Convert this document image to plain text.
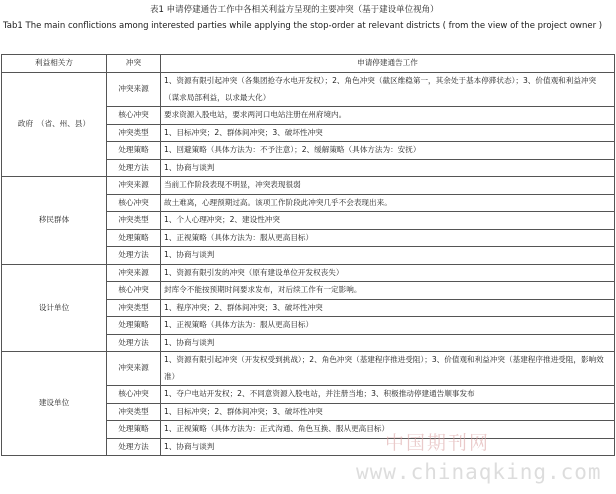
表1 申请停建通告工作中各相关利益方呈现的主要冲突（基于建设单位视角）
Tab1 The main conflictions among interested parties while applying the stop-order at relevant districts ( from the view of the project owner )
利益相关方	冲突	申请停建通告工作
政府　（省、州、县）	冲突来源	1、资源有限引起冲突（各集团抢夺水电开发权）；2、角色冲突（截区维稳第一，其余处于基本停滞状态）；3、价值观和利益冲突（谋求局部利益，以求最大化）
	核心冲突	要求资源入股电站，要求两河口电站注册在州府境内。
	冲突类型	1、目标冲突；2、群体间冲突；3、破坏性冲突
	处理策略	1、回避策略（具体方法为：不予注意）；2、缓解策略（具体方法为：安抚）
	处理方法	1、协商与谈判
移民群体	冲突来源	当前工作阶段表现不明显，冲突表现很弱
	核心冲突	故土难离，心理预期过高。该项工作阶段此冲突几乎不会表现出来。
	冲突类型	1、个人心理冲突；2、建设性冲突
	处理策略	1、正视策略（具体方法为：服从更高目标）
	处理方法	1、协商与谈判
设计单位	冲突来源	1、资源有限引发的冲突（原有建设单位开发权丧失）
	核心冲突	封库令不能按预期时间要求发布，对后续工作有一定影响。
	冲突类型	1、程序冲突；2、群体间冲突；3、破坏性冲突
	处理策略	1、正视策略（具体方法为：服从更高目标）
	处理方法	1、协商与谈判
建设单位	冲突来源	1、资源有限引起冲突（开发权受到挑战）；2、角色冲突（基建程序推进受阻）；3、价值观和利益冲突（基建程序推进受阻，影响效准）
	核心冲突	1、夺户电站开发权；2、不同意资源入股电站，并注册当地；3、积极推动停建通告顺事发布
	冲突类型	1、目标冲突；2、群体间冲突；3、破坏性冲突
	处理策略	1、正视策略（具体方法为：正式沟通、角色互换、服从更高目标）
	处理方法	1、协商与谈判	中国期刊网
www.chinaqking.com
